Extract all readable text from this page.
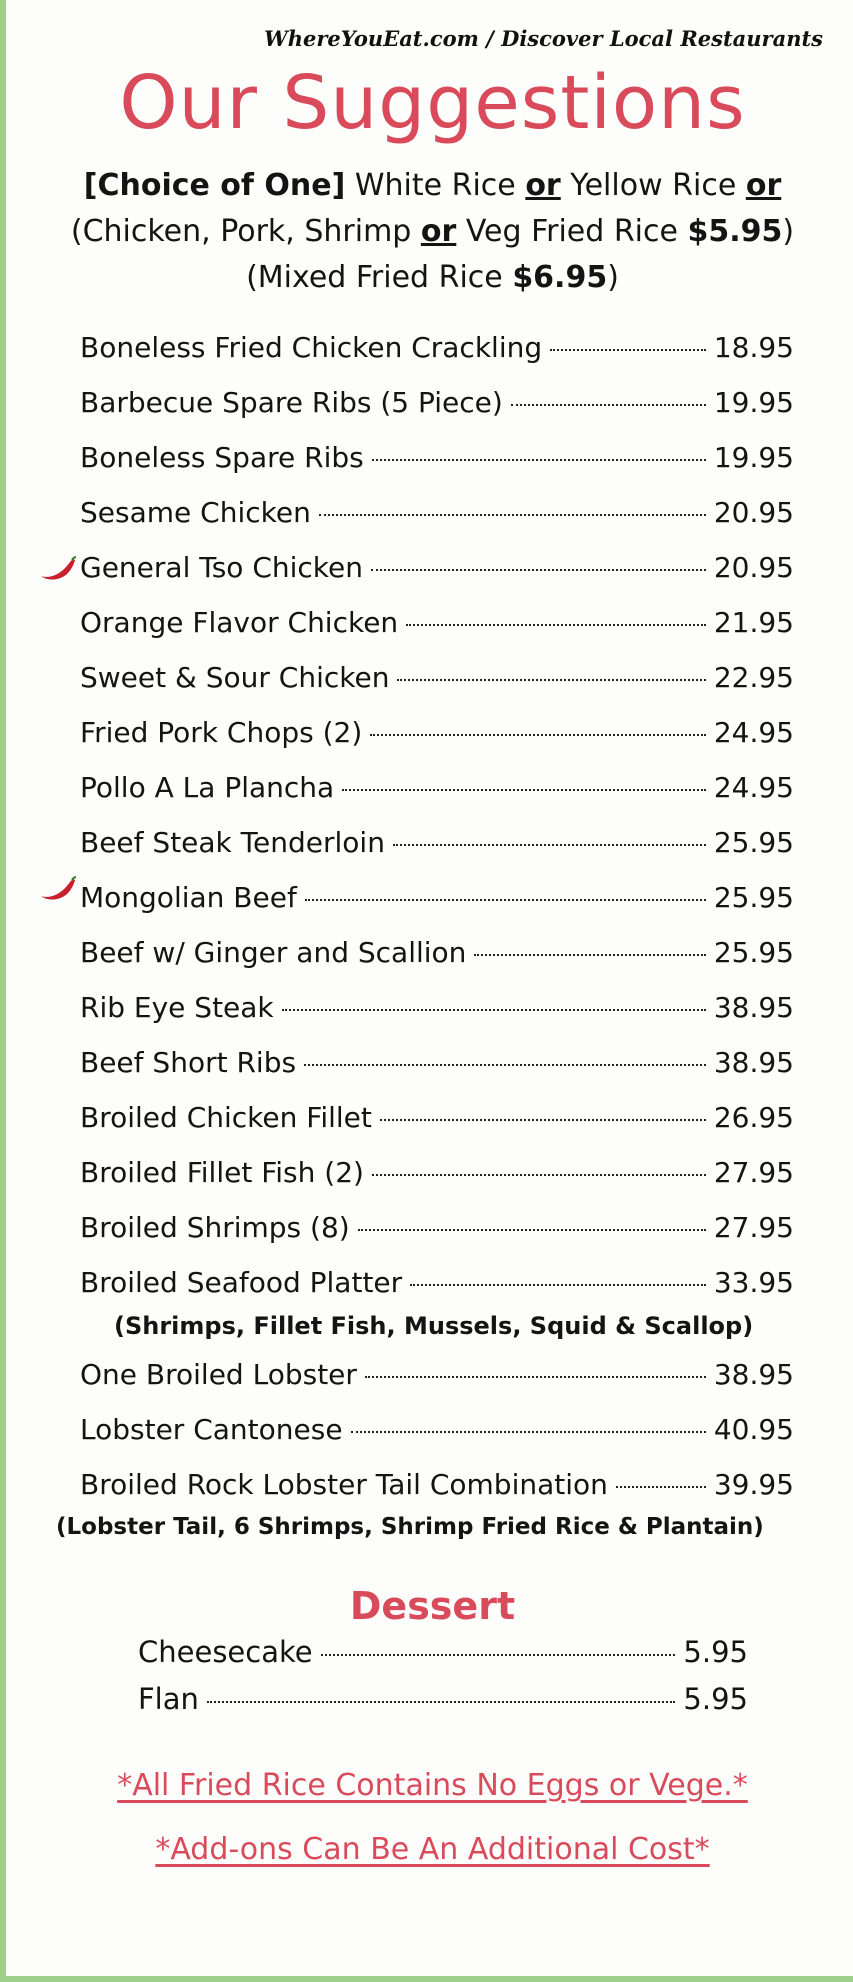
WhereYouEat.com / Discover Local Restaurants
Our Suggestions
[Choice of One] White Rice or Yellow Rice or
(Chicken, Pork, Shrimp or Veg Fried Rice $5.95)
(Mixed Fried Rice $6.95)
Boneless Fried Chicken Crackling	18.95
Barbecue Spare Ribs (5 Piece)	19.95
Boneless Spare Ribs	19.95
Sesame Chicken	20.95
General Tso Chicken	20.95
Orange Flavor Chicken	21.95
Sweet & Sour Chicken	22.95
Fried Pork Chops (2)	24.95
Pollo A La Plancha	24.95
Beef Steak Tenderloin	25.95
Mongolian Beef	25.95
Beef w/ Ginger and Scallion	25.95
Rib Eye Steak	38.95
Beef Short Ribs	38.95
Broiled Chicken Fillet	26.95
Broiled Fillet Fish (2)	27.95
Broiled Shrimps (8)	27.95
Broiled Seafood Platter	33.95
(Shrimps, Fillet Fish, Mussels, Squid & Scallop)
One Broiled Lobster	38.95
Lobster Cantonese	40.95
Broiled Rock Lobster Tail Combination	39.95
(Lobster Tail, 6 Shrimps, Shrimp Fried Rice & Plantain)
Dessert
Cheesecake	5.95
Flan	5.95
*All Fried Rice Contains No Eggs or Vege.*
*Add-ons Can Be An Additional Cost*
